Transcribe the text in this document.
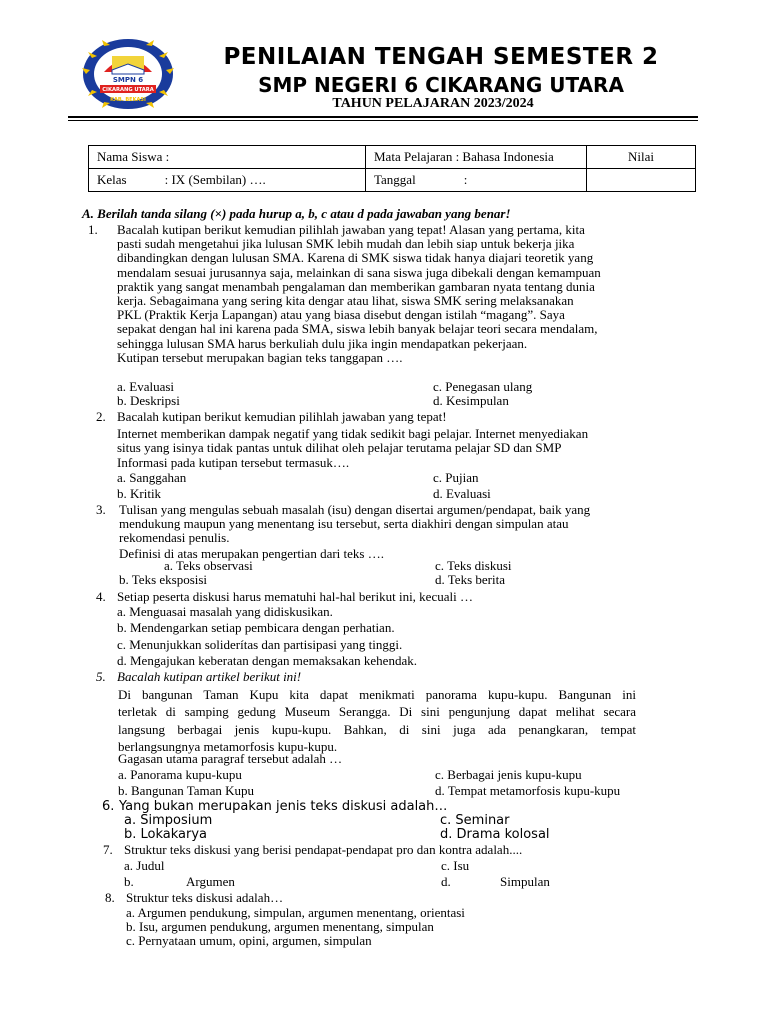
SMPN 6
CIKARANG UTARA
KAB. BEKASI
PENILAIAN TENGAH SEMESTER 2
SMP NEGERI 6 CIKARANG UTARA
TAHUN PELAJARAN 2023/2024
Nama Siswa :	Mata Pelajaran : Bahasa Indonesia	Nilai
Kelas : IX (Sembilan) ….	Tanggal :	
A. Berilah tanda silang (×) pada hurup a, b, c atau d pada jawaban yang benar!
1. Bacalah kutipan berikut kemudian pilihlah jawaban yang tepat! Alasan yang pertama, kita
pasti sudah mengetahui jika lulusan SMK lebih mudah dan lebih siap untuk bekerja jika
dibandingkan dengan lulusan SMA. Karena di SMK siswa tidak hanya diajari teoretik yang
mendalam sesuai jurusannya saja, melainkan di sana siswa juga dibekali dengan kemampuan
praktik yang sangat menambah pengalaman dan memberikan gambaran nyata tentang dunia
kerja. Sebagaimana yang sering kita dengar atau lihat, siswa SMK sering melaksanakan
PKL (Praktik Kerja Lapangan) atau yang biasa disebut dengan istilah “magang”. Saya
sepakat dengan hal ini karena pada SMA, siswa lebih banyak belajar teori secara mendalam,
sehingga lulusan SMA harus berkuliah dulu jika ingin mendapatkan pekerjaan.
Kutipan tersebut merupakan bagian teks tanggapan ….
a. Evaluasi
b. Deskripsi
c. Penegasan ulang
d. Kesimpulan
2. Bacalah kutipan berikut kemudian pilihlah jawaban yang tepat!
Internet memberikan dampak negatif yang tidak sedikit bagi pelajar. Internet menyediakan
situs yang isinya tidak pantas untuk dilihat oleh pelajar terutama pelajar SD dan SMP
Informasi pada kutipan tersebut termasuk….
a. Sanggahan
b. Kritik
c. Pujian
d. Evaluasi
3. Tulisan yang mengulas sebuah masalah (isu) dengan disertai argumen/pendapat, baik yang
mendukung maupun yang menentang isu tersebut, serta diakhiri dengan simpulan atau
rekomendasi penulis.
Definisi di atas merupakan pengertian dari teks ….
a. Teks observasi
b. Teks eksposisi
c. Teks diskusi
d. Teks berita
4. Setiap peserta diskusi harus mematuhi hal-hal berikut ini, kecuali …
a. Menguasai masalah yang didiskusikan.
b. Mendengarkan setiap pembicara dengan perhatian.
c. Menunjukkan soliderítas dan partisipasi yang tinggi.
d. Mengajukan keberatan dengan memaksakan kehendak.
5. Bacalah kutipan artikel berikut ini!
Di bangunan Taman Kupu kita dapat menikmati panorama kupu-kupu. Bangunan ini
terletak di samping gedung Museum Serangga. Di sini pengunjung dapat melihat secara
langsung berbagai jenis kupu-kupu. Bahkan, di sini juga ada penangkaran, tempat
berlangsungnya metamorfosis kupu-kupu.
Gagasan utama paragraf tersebut adalah …
a. Panorama kupu-kupu
b. Bangunan Taman Kupu
c. Berbagai jenis kupu-kupu
d. Tempat metamorfosis kupu-kupu
6. Yang bukan merupakan jenis teks diskusi adalah…
a. Simposium
b. Lokakarya
c. Seminar
d. Drama kolosal
7. Struktur teks diskusi yang berisi pendapat-pendapat pro dan kontra adalah....
a. Judul
b.	Argumen
c. Isu
d.	Simpulan
8. Struktur teks diskusi adalah…
a. Argumen pendukung, simpulan, argumen menentang, orientasi
b. Isu, argumen pendukung, argumen menentang, simpulan
c. Pernyataan umum, opini, argumen, simpulan
